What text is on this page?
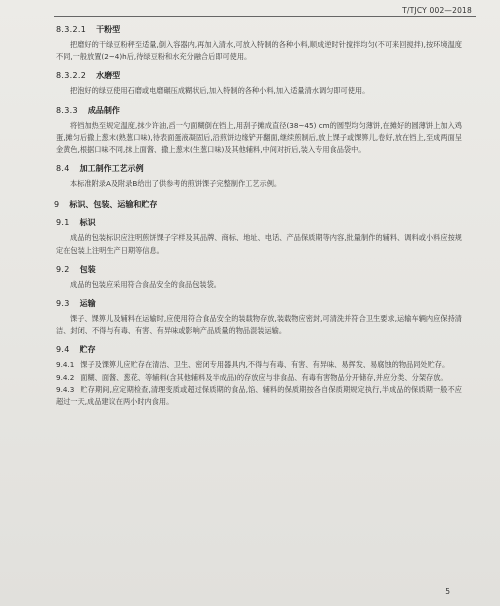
T/TJCY 002—2018
8.3.2.1 干粉型

把磨好的干绿豆粉秤至适量,倒入容器内,再加入清水,可放入特制的各种小料,顺成逆时针搅拌均匀(不可来回搅拌),按环境温度不同,一般放置(2~4)h后,待绿豆粉和水充分融合后即可使用。

8.3.2.2 水磨型

把泡好的绿豆使用石磨或电磨碾压成糊状后,加入特制的各种小料,加入适量清水调匀即可使用。

8.3.3 成品制作

将铛加热至规定温度,抹少许油,舀一勺面糊倒在铛上,用刮子摊成直径(38~45) cm的圆型均匀薄饼,在摊好的圆薄饼上加入鸡蛋,摊匀后撒上葱末(熟葱口味),待表面蛋液凝固后,沿煎饼边缘铲开翻面,继续煎制后,放上馃子或馃箅儿,卷好,放在铛上,至成两面呈金黄色,根据口味不同,抹上面酱、撒上葱末(生葱口味)及其他辅料,中间对折后,装入专用食品袋中。

8.4 加工制作工艺示例

本标准附录A及附录B给出了供参考的煎饼馃子完整制作工艺示例。

9 标识、包装、运输和贮存
9.1 标识

成品的包装标识应注明煎饼馃子字样及其品牌、商标、地址、电话、产品保质期等内容,批量制作的辅料、调料或小料应按规定在包装上注明生产日期等信息。

9.2 包装

成品的包装应采用符合食品安全的食品包装袋。

9.3 运输

馃子、馃箅儿及辅料在运输时,应使用符合食品安全的装载物存放,装载物应密封,可清洗并符合卫生要求,运输车辆内应保持清洁、封闭、不得与有毒、有害、有异味或影响产品质量的物品混装运输。

9.4 贮存

9.4.1 馃子及馃箅儿应贮存在清洁、卫生、密闭专用器具内,不得与有毒、有害、有异味、易挥发、易腐蚀的物品同处贮存。

9.4.2 面糊、面酱、葱花、等辅料(含其他辅料及半成品)的存放应与非食品、有毒有害物品分开储存,并应分类、分架存放。

9.4.3 贮存期间,应定期检查,清理变质或超过保质期的食品,馅、辅料的保质期按各自保质期规定执行,半成品的保质期一般不应超过一天,成品建议在两小时内食用。

5
